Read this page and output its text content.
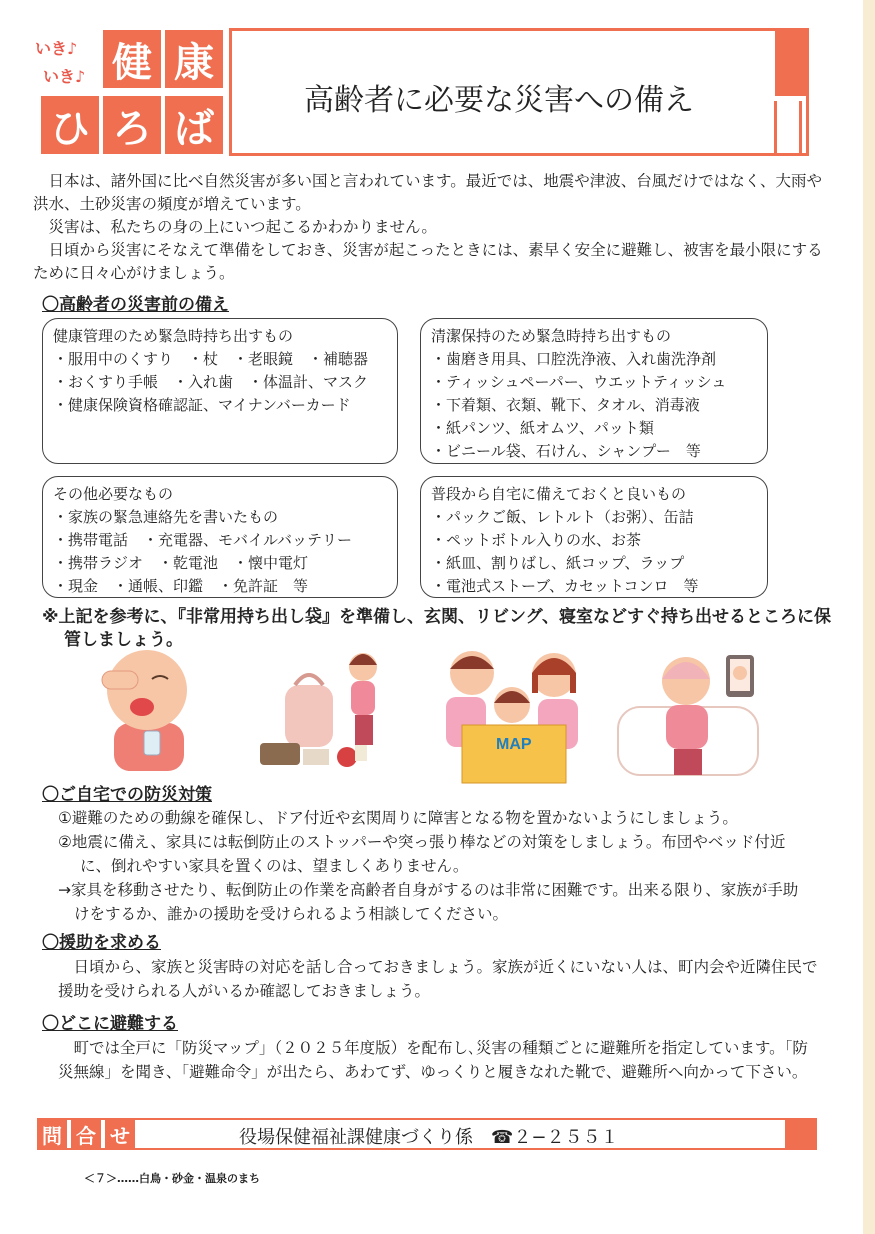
いき♪
いき♪ 健 康
ひ ろ ば
高齢者に必要な災害への備え
日本は、諸外国に比べ自然災害が多い国と言われています。最近では、地震や津波、台風だけではなく、大雨や洪水、土砂災害の頻度が増えています。
災害は、私たちの身の上にいつ起こるかわかりません。
日頃から災害にそなえて準備をしておき、災害が起こったときには、素早く安全に避難し、被害を最小限にするために日々心がけましょう。
〇高齢者の災害前の備え
健康管理のため緊急時持ち出すもの
・服用中のくすり　・杖　・老眼鏡　・補聴器
・おくすり手帳　・入れ歯　・体温計、マスク
・健康保険資格確認証、マイナンバーカード
清潔保持のため緊急時持ち出すもの
・歯磨き用具、口腔洗浄液、入れ歯洗浄剤
・ティッシュペーパー、ウエットティッシュ
・下着類、衣類、靴下、タオル、消毒液
・紙パンツ、紙オムツ、パット類
・ビニール袋、石けん、シャンプー　等
その他必要なもの
・家族の緊急連絡先を書いたもの
・携帯電話　・充電器、モバイルバッテリー
・携帯ラジオ　・乾電池　・懐中電灯
・現金　・通帳、印鑑　・免許証　等
普段から自宅に備えておくと良いもの
・パックご飯、レトルト（お粥）、缶詰
・ペットボトル入りの水、お茶
・紙皿、割りばし、紙コップ、ラップ
・電池式ストーブ、カセットコンロ　等
※上記を参考に、『非常用持ち出し袋』を準備し、玄関、リビング、寝室などすぐ持ち出せるところに保管しましょう。
MAP
〇ご自宅での防災対策
①避難のための動線を確保し、ドア付近や玄関周りに障害となる物を置かないようにしましょう。
②地震に備え、家具には転倒防止のストッパーや突っ張り棒などの対策をしましょう。布団やベッド付近に、倒れやすい家具を置くのは、望ましくありません。
→家具を移動させたり、転倒防止の作業を高齢者自身がするのは非常に困難です。出来る限り、家族が手助けをするか、誰かの援助を受けられるよう相談してください。
〇援助を求める
日頃から、家族と災害時の対応を話し合っておきましょう。家族が近くにいない人は、町内会や近隣住民で援助を受けられる人がいるか確認しておきましょう。
〇どこに避難する
町では全戸に「防災マップ」（２０２５年度版）を配布し､災害の種類ごとに避難所を指定しています。「防災無線」を聞き、「避難命令」が出たら、あわてず、ゆっくりと履きなれた靴で、避難所へ向かって下さい。
問 合 せ	役場保健福祉課健康づくり係　☎２−２５５１
＜７＞……白鳥・砂金・温泉のまち
